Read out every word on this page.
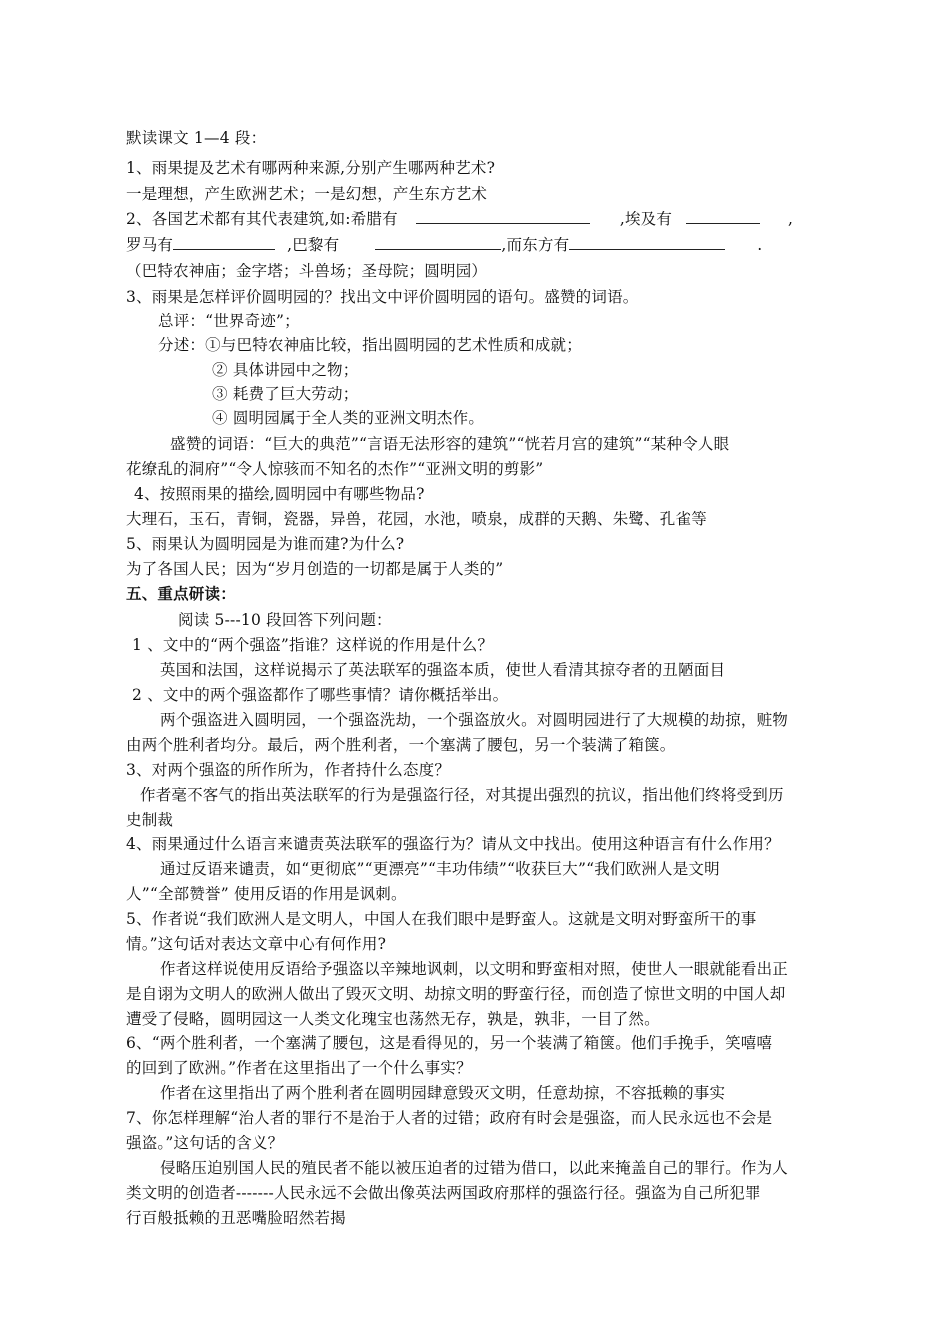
默读课文 1—4 段：
1、雨果提及艺术有哪两种来源,分别产生哪两种艺术?
一是理想，产生欧洲艺术；一是幻想，产生东方艺术
2、各国艺术都有其代表建筑,如:希腊有	,埃及有	,
罗马有	,巴黎有	,而东方有	.
（巴特农神庙；金字塔；斗兽场；圣母院；圆明园）
3、雨果是怎样评价圆明园的？找出文中评价圆明园的语句。盛赞的词语。
总评：“世界奇迹”；
分述：①与巴特农神庙比较，指出圆明园的艺术性质和成就；
② 具体讲园中之物；
③ 耗费了巨大劳动；
④ 圆明园属于全人类的亚洲文明杰作。
盛赞的词语：“巨大的典范”“言语无法形容的建筑”“恍若月宫的建筑”“某种令人眼
花缭乱的洞府”“令人惊骇而不知名的杰作”“亚洲文明的剪影”
4、按照雨果的描绘,圆明园中有哪些物品?
大理石，玉石，青铜，瓷器，异兽，花园，水池，喷泉，成群的天鹅、朱鹭、孔雀等
5、雨果认为圆明园是为谁而建?为什么?
为了各国人民；因为“岁月创造的一切都是属于人类的”
五、重点研读：
阅读 5---10 段回答下列问题：
1 、文中的“两个强盗”指谁？这样说的作用是什么？
英国和法国，这样说揭示了英法联军的强盗本质，使世人看清其掠夺者的丑陋面目
2 、文中的两个强盗都作了哪些事情？请你概括举出。
两个强盗进入圆明园，一个强盗洗劫，一个强盗放火。对圆明园进行了大规模的劫掠，赃物
由两个胜利者均分。最后，两个胜利者，一个塞满了腰包，另一个装满了箱箧。
3、对两个强盗的所作所为，作者持什么态度？
作者毫不客气的指出英法联军的行为是强盗行径，对其提出强烈的抗议，指出他们终将受到历
史制裁
4、雨果通过什么语言来谴责英法联军的强盗行为？请从文中找出。使用这种语言有什么作用？
通过反语来谴责，如“更彻底”“更漂亮”“丰功伟绩”“收获巨大”“我们欧洲人是文明
人”“全部赞誉” 使用反语的作用是讽刺。
5、作者说“我们欧洲人是文明人，中国人在我们眼中是野蛮人。这就是文明对野蛮所干的事
情。”这句话对表达文章中心有何作用?
作者这样说使用反语给予强盗以辛辣地讽刺，以文明和野蛮相对照，使世人一眼就能看出正
是自诩为文明人的欧洲人做出了毁灭文明、劫掠文明的野蛮行径，而创造了惊世文明的中国人却
遭受了侵略，圆明园这一人类文化瑰宝也荡然无存，孰是，孰非，一目了然。
6、“两个胜利者，一个塞满了腰包，这是看得见的，另一个装满了箱箧。他们手挽手，笑嘻嘻
的回到了欧洲。”作者在这里指出了一个什么事实？
作者在这里指出了两个胜利者在圆明园肆意毁灭文明，任意劫掠，不容抵赖的事实
7、你怎样理解“治人者的罪行不是治于人者的过错；政府有时会是强盗，而人民永远也不会是
强盗。”这句话的含义？
侵略压迫别国人民的殖民者不能以被压迫者的过错为借口，以此来掩盖自己的罪行。作为人
类文明的创造者-------人民永远不会做出像英法两国政府那样的强盗行径。强盗为自己所犯罪
行百般抵赖的丑恶嘴脸昭然若揭
